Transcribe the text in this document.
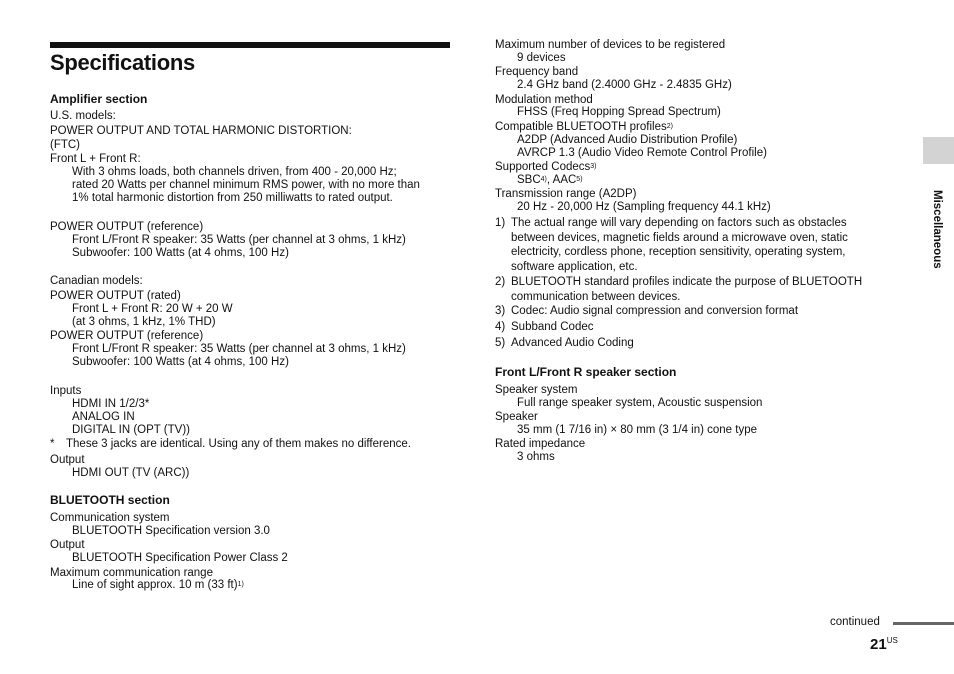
Specifications
Amplifier section
U.S. models:
POWER OUTPUT AND TOTAL HARMONIC DISTORTION:
(FTC)
Front L + Front R:
With 3 ohms loads, both channels driven, from 400 - 20,000 Hz;
rated 20 Watts per channel minimum RMS power, with no more than
1% total harmonic distortion from 250 milliwatts to rated output.
POWER OUTPUT (reference)
Front L/Front R speaker: 35 Watts (per channel at 3 ohms, 1 kHz)
Subwoofer: 100 Watts (at 4 ohms, 100 Hz)
Canadian models:
POWER OUTPUT (rated)
Front L + Front R: 20 W + 20 W
(at 3 ohms, 1 kHz, 1% THD)
POWER OUTPUT (reference)
Front L/Front R speaker: 35 Watts (per channel at 3 ohms, 1 kHz)
Subwoofer: 100 Watts (at 4 ohms, 100 Hz)
Inputs
HDMI IN 1/2/3*
ANALOG IN
DIGITAL IN (OPT (TV))
* These 3 jacks are identical. Using any of them makes no difference.
Output
HDMI OUT (TV (ARC))
BLUETOOTH section
Communication system
BLUETOOTH Specification version 3.0
Output
BLUETOOTH Specification Power Class 2
Maximum communication range
Line of sight approx. 10 m (33 ft)$^{1)}$
Maximum number of devices to be registered
9 devices
Frequency band
2.4 GHz band (2.4000 GHz - 2.4835 GHz)
Modulation method
FHSS (Freq Hopping Spread Spectrum)
Compatible BLUETOOTH profiles$^{2)}$
A2DP (Advanced Audio Distribution Profile)
AVRCP 1.3 (Audio Video Remote Control Profile)
Supported Codecs$^{3)}$
SBC$^{4)}$, AAC$^{5)}$
Transmission range (A2DP)
20 Hz - 20,000 Hz (Sampling frequency 44.1 kHz)
1) The actual range will vary depending on factors such as obstacles
between devices, magnetic fields around a microwave oven, static
electricity, cordless phone, reception sensitivity, operating system,
software application, etc.
2) BLUETOOTH standard profiles indicate the purpose of BLUETOOTH
communication between devices.
3) Codec: Audio signal compression and conversion format
4) Subband Codec
5) Advanced Audio Coding
Front L/Front R speaker section
Speaker system
Full range speaker system, Acoustic suspension
Speaker
35 mm (1 7/16 in) × 80 mm (3 1/4 in) cone type
Rated impedance
3 ohms
Miscellaneous
continued
$21^{US}$
